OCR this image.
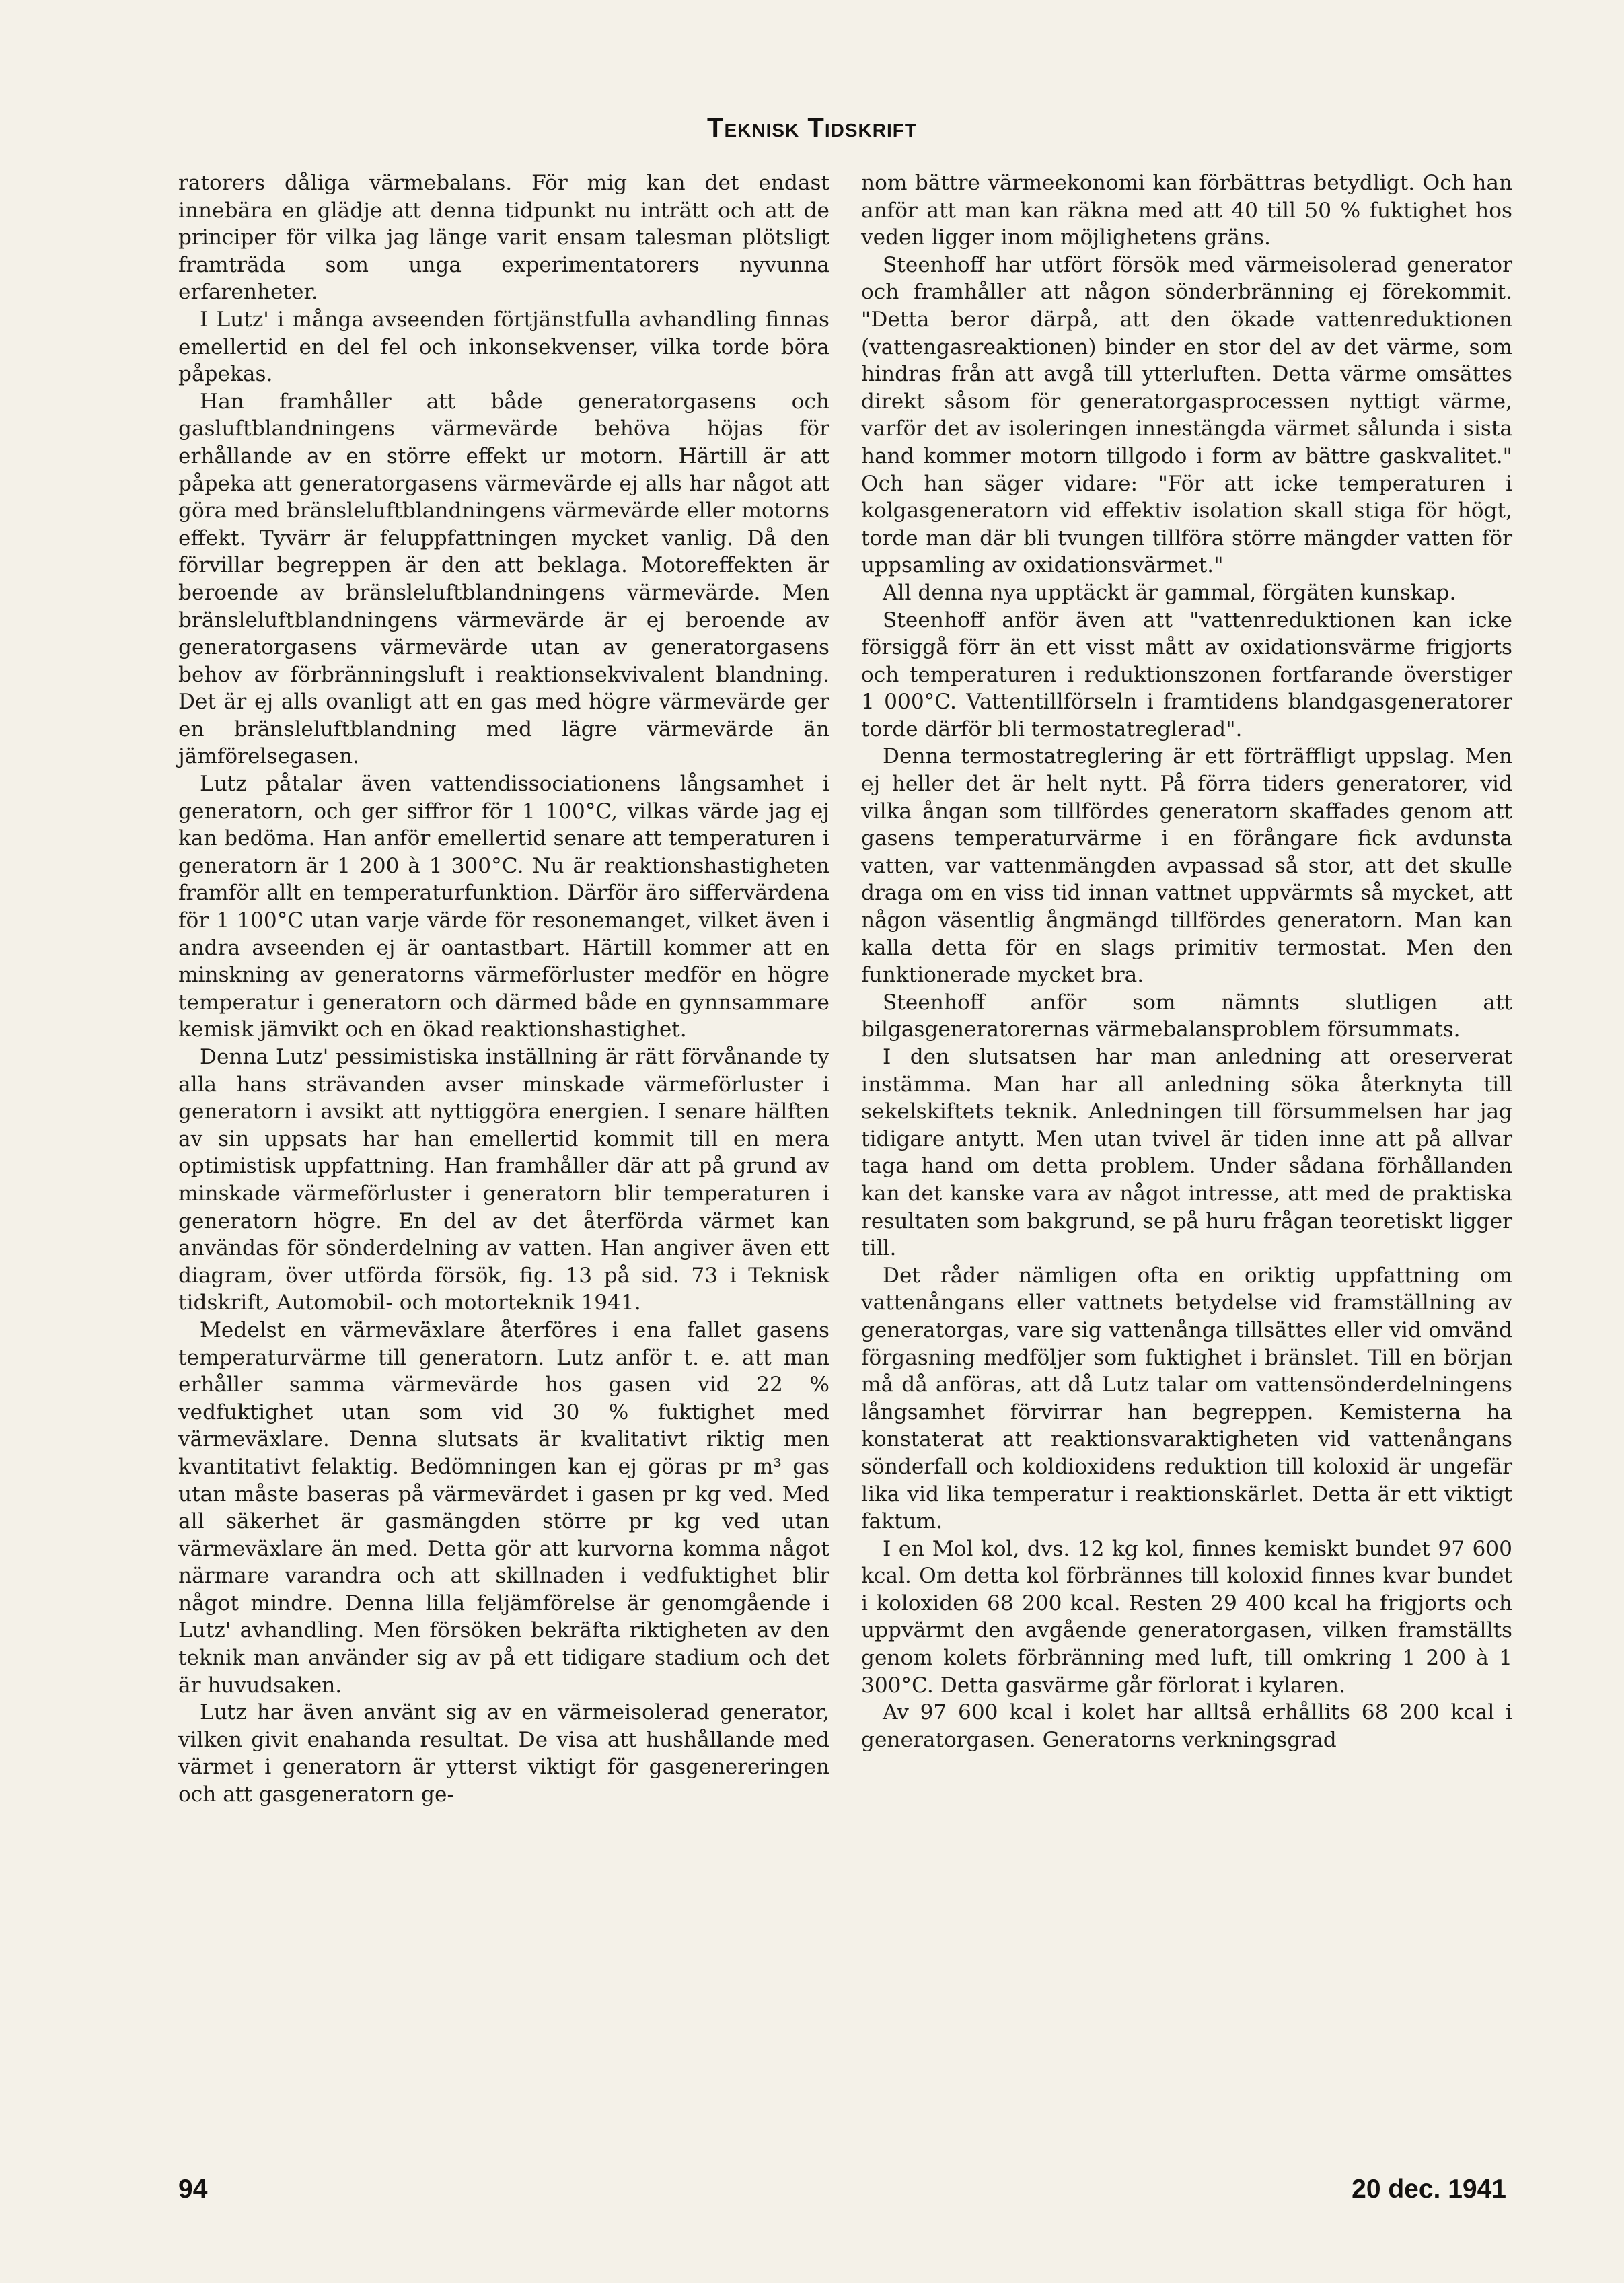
Teknisk Tidskrift

ratorers dåliga värmebalans. För mig kan det endast innebära en glädje att denna tidpunkt nu inträtt och att de principer för vilka jag länge varit ensam talesman plötsligt framträda som unga experimentatorers nyvunna erfarenheter.

I Lutz' i många avseenden förtjänstfulla avhandling finnas emellertid en del fel och inkonsekvenser, vilka torde böra påpekas.

Han framhåller att både generatorgasens och gasluftblandningens värmevärde behöva höjas för erhållande av en större effekt ur motorn. Härtill är att påpeka att generatorgasens värmevärde ej alls har något att göra med bränsleluftblandningens värmevärde eller motorns effekt. Tyvärr är feluppfattningen mycket vanlig. Då den förvillar begreppen är den att beklaga. Motoreffekten är beroende av bränsleluftblandningens värmevärde. Men bränsleluftblandningens värmevärde är ej beroende av generatorgasens värmevärde utan av generatorgasens behov av förbränningsluft i reaktionsekvivalent blandning. Det är ej alls ovanligt att en gas med högre värmevärde ger en bränsleluftblandning med lägre värmevärde än jämförelsegasen.

Lutz påtalar även vattendissociationens långsamhet i generatorn, och ger siffror för 1 100°C, vilkas värde jag ej kan bedöma. Han anför emellertid senare att temperaturen i generatorn är 1 200 à 1 300°C. Nu är reaktionshastigheten framför allt en temperaturfunktion. Därför äro siffervärdena för 1 100°C utan varje värde för resonemanget, vilket även i andra avseenden ej är oantastbart. Härtill kommer att en minskning av generatorns värmeförluster medför en högre temperatur i generatorn och därmed både en gynnsammare kemisk jämvikt och en ökad reaktionshastighet.

Denna Lutz' pessimistiska inställning är rätt förvånande ty alla hans strävanden avser minskade värmeförluster i generatorn i avsikt att nyttiggöra energien. I senare hälften av sin uppsats har han emellertid kommit till en mera optimistisk uppfattning. Han framhåller där att på grund av minskade värmeförluster i generatorn blir temperaturen i generatorn högre. En del av det återförda värmet kan användas för sönderdelning av vatten. Han angiver även ett diagram, över utförda försök, fig. 13 på sid. 73 i Teknisk tidskrift, Automobil- och motorteknik 1941.

Medelst en värmeväxlare återföres i ena fallet gasens temperaturvärme till generatorn. Lutz anför t. e. att man erhåller samma värmevärde hos gasen vid 22 % vedfuktighet utan som vid 30 % fuktighet med värmeväxlare. Denna slutsats är kvalitativt riktig men kvantitativt felaktig. Bedömningen kan ej göras pr m³ gas utan måste baseras på värmevärdet i gasen pr kg ved. Med all säkerhet är gasmängden större pr kg ved utan värmeväxlare än med. Detta gör att kurvorna komma något närmare varandra och att skillnaden i vedfuktighet blir något mindre. Denna lilla feljämförelse är genomgående i Lutz' avhandling. Men försöken bekräfta riktigheten av den teknik man använder sig av på ett tidigare stadium och det är huvudsaken.

Lutz har även använt sig av en värmeisolerad generator, vilken givit enahanda resultat. De visa att hushållande med värmet i generatorn är ytterst viktigt för gasgenereringen och att gasgeneratorn ge-

nom bättre värmeekonomi kan förbättras betydligt. Och han anför att man kan räkna med att 40 till 50 % fuktighet hos veden ligger inom möjlighetens gräns.

Steenhoff har utfört försök med värmeisolerad generator och framhåller att någon sönderbränning ej förekommit. "Detta beror därpå, att den ökade vattenreduktionen (vattengasreaktionen) binder en stor del av det värme, som hindras från att avgå till ytterluften. Detta värme omsättes direkt såsom för generatorgasprocessen nyttigt värme, varför det av isoleringen innestängda värmet sålunda i sista hand kommer motorn tillgodo i form av bättre gaskvalitet." Och han säger vidare: "För att icke temperaturen i kolgasgeneratorn vid effektiv isolation skall stiga för högt, torde man där bli tvungen tillföra större mängder vatten för uppsamling av oxidationsvärmet."

All denna nya upptäckt är gammal, förgäten kunskap.

Steenhoff anför även att "vattenreduktionen kan icke försiggå förr än ett visst mått av oxidationsvärme frigjorts och temperaturen i reduktionszonen fortfarande överstiger 1 000°C. Vattentillförseln i framtidens blandgasgeneratorer torde därför bli termostatreglerad".

Denna termostatreglering är ett förträffligt uppslag. Men ej heller det är helt nytt. På förra tiders generatorer, vid vilka ångan som tillfördes generatorn skaffades genom att gasens temperaturvärme i en förångare fick avdunsta vatten, var vattenmängden avpassad så stor, att det skulle draga om en viss tid innan vattnet uppvärmts så mycket, att någon väsentlig ångmängd tillfördes generatorn. Man kan kalla detta för en slags primitiv termostat. Men den funktionerade mycket bra.

Steenhoff anför som nämnts slutligen att bilgasgeneratorernas värmebalansproblem försummats.

I den slutsatsen har man anledning att oreserverat instämma. Man har all anledning söka återknyta till sekelskiftets teknik. Anledningen till försummelsen har jag tidigare antytt. Men utan tvivel är tiden inne att på allvar taga hand om detta problem. Under sådana förhållanden kan det kanske vara av något intresse, att med de praktiska resultaten som bakgrund, se på huru frågan teoretiskt ligger till.

Det råder nämligen ofta en oriktig uppfattning om vattenångans eller vattnets betydelse vid framställning av generatorgas, vare sig vattenånga tillsättes eller vid omvänd förgasning medföljer som fuktighet i bränslet. Till en början må då anföras, att då Lutz talar om vattensönderdelningens långsamhet förvirrar han begreppen. Kemisterna ha konstaterat att reaktionsvaraktigheten vid vattenångans sönderfall och koldioxidens reduktion till koloxid är ungefär lika vid lika temperatur i reaktionskärlet. Detta är ett viktigt faktum.

I en Mol kol, dvs. 12 kg kol, finnes kemiskt bundet 97 600 kcal. Om detta kol förbrännes till koloxid finnes kvar bundet i koloxiden 68 200 kcal. Resten 29 400 kcal ha frigjorts och uppvärmt den avgående generatorgasen, vilken framställts genom kolets förbränning med luft, till omkring 1 200 à 1 300°C. Detta gasvärme går förlorat i kylaren.

Av 97 600 kcal i kolet har alltså erhållits 68 200 kcal i generatorgasen. Generatorns verkningsgrad

94	20 dec. 1941
